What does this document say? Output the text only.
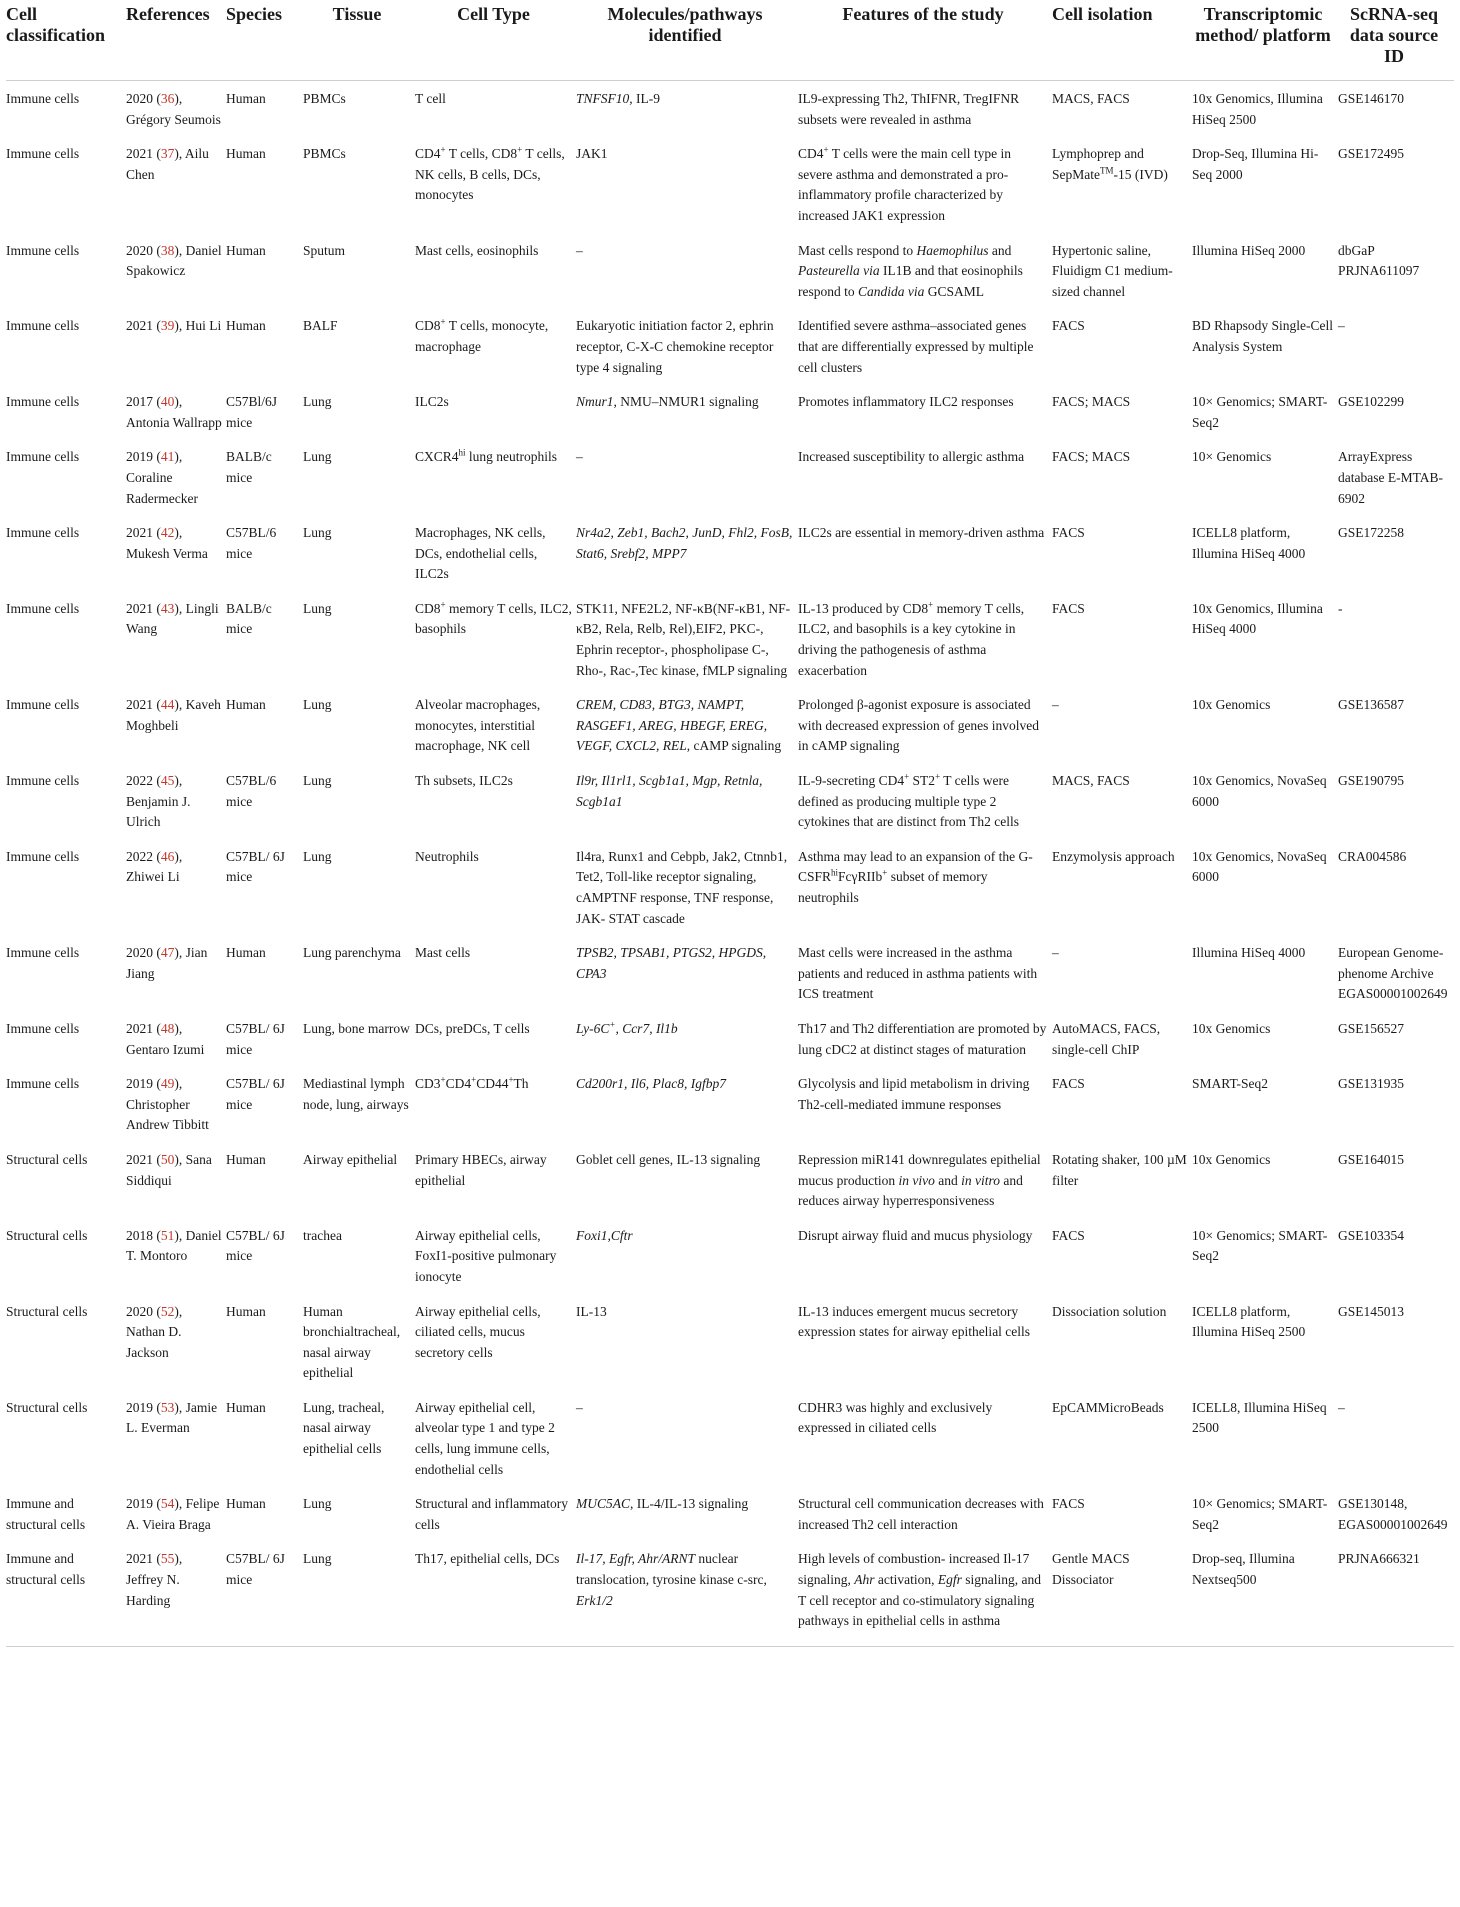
Cell classification	References	Species	Tissue	Cell Type	Molecules/pathways identified	Features of the study	Cell isolation	Transcriptomic method/ platform	ScRNA-seq data source ID
Immune cells	2020 (36), Grégory Seumois	Human	PBMCs	T cell	TNFSF10, IL-9	IL9-expressing Th2, ThIFNR, TregIFNR subsets were revealed in asthma	MACS, FACS	10x Genomics, Illumina HiSeq 2500	GSE146170
Immune cells	2021 (37), Ailu Chen	Human	PBMCs	CD4+ T cells, CD8+ T cells, NK cells, B cells, DCs, monocytes	JAK1	CD4+ T cells were the main cell type in severe asthma and demonstrated a pro-inflammatory profile characterized by increased JAK1 expression	Lymphoprep and SepMate™-15 (IVD)	Drop-Seq, Illumina Hi-Seq 2000	GSE172495
Immune cells	2020 (38), Daniel Spakowicz	Human	Sputum	Mast cells, eosinophils	–	Mast cells respond to Haemophilus and Pasteurella via IL1B and that eosinophils respond to Candida via GCSAML	Hypertonic saline, Fluidigm C1 medium-sized channel	Illumina HiSeq 2000	dbGaP PRJNA611097
Immune cells	2021 (39), Hui Li	Human	BALF	CD8+ T cells, monocyte, macrophage	Eukaryotic initiation factor 2, ephrin receptor, C-X-C chemokine receptor type 4 signaling	Identified severe asthma–associated genes that are differentially expressed by multiple cell clusters	FACS	BD Rhapsody Single-Cell Analysis System	–
Immune cells	2017 (40), Antonia Wallrapp	C57Bl/6J mice	Lung	ILC2s	Nmur1, NMU–NMUR1 signaling	Promotes inflammatory ILC2 responses	FACS; MACS	10× Genomics; SMART-Seq2	GSE102299
Immune cells	2019 (41), Coraline Radermecker	BALB/c mice	Lung	$CXCR4^{hi}$ lung neutrophils	–	Increased susceptibility to allergic asthma	FACS; MACS	10× Genomics	ArrayExpress database E-MTAB-6902
Immune cells	2021 (42), Mukesh Verma	C57BL/6 mice	Lung	Macrophages, NK cells, DCs, endothelial cells, ILC2s	Nr4a2, Zeb1, Bach2, JunD, Fhl2, FosB, Stat6, Srebf2, MPP7	ILC2s are essential in memory-driven asthma	FACS	ICELL8 platform, Illumina HiSeq 4000	GSE172258
Immune cells	2021 (43), Lingli Wang	BALB/c mice	Lung	CD8+ memory T cells, ILC2, basophils	STK11, NFE2L2, NF-κB(NF-κB1, NF-κB2, Rela, Relb, Rel),EIF2, PKC-, Ephrin receptor-, phospholipase C-, Rho-, Rac-,Tec kinase, fMLP signaling	IL-13 produced by CD8+ memory T cells, ILC2, and basophils is a key cytokine in driving the pathogenesis of asthma exacerbation	FACS	10x Genomics, Illumina HiSeq 4000	-
Immune cells	2021 (44), Kaveh Moghbeli	Human	Lung	Alveolar macrophages, monocytes, interstitial macrophage, NK cell	CREM, CD83, BTG3, NAMPT, RASGEF1, AREG, HBEGF, EREG, VEGF, CXCL2, REL, cAMP signaling	Prolonged β-agonist exposure is associated with decreased expression of genes involved in cAMP signaling	–	10x Genomics	GSE136587
Immune cells	2022 (45), Benjamin J. Ulrich	C57BL/6 mice	Lung	Th subsets, ILC2s	Il9r, Il1rl1, Scgb1a1, Mgp, Retnla, Scgb1a1	IL-9-secreting CD4+ ST2+ T cells were defined as producing multiple type 2 cytokines that are distinct from Th2 cells	MACS, FACS	10x Genomics, NovaSeq 6000	GSE190795
Immune cells	2022 (46), Zhiwei Li	C57BL/ 6J mice	Lung	Neutrophils	Il4ra, Runx1 and Cebpb, Jak2, Ctnnb1, Tet2, Toll-like receptor signaling, cAMPTNF response, TNF response, JAK- STAT cascade	Asthma may lead to an expansion of the $G-CSFR^{hi}Fc\gamma RIIb^+$ subset of memory neutrophils	Enzymolysis approach	10x Genomics, NovaSeq 6000	CRA004586
Immune cells	2020 (47), Jian Jiang	Human	Lung parenchyma	Mast cells	TPSB2, TPSAB1, PTGS2, HPGDS, CPA3	Mast cells were increased in the asthma patients and reduced in asthma patients with ICS treatment	–	Illumina HiSeq 4000	European Genome-phenome Archive EGAS00001002649
Immune cells	2021 (48), Gentaro Izumi	C57BL/ 6J mice	Lung, bone marrow	DCs, preDCs, T cells	Ly-6C+, Ccr7, Il1b	Th17 and Th2 differentiation are promoted by lung cDC2 at distinct stages of maturation	AutoMACS, FACS, single-cell ChIP	10x Genomics	GSE156527
Immune cells	2019 (49), Christopher Andrew Tibbitt	C57BL/ 6J mice	Mediastinal lymph node, lung, airways	CD3+CD4+CD44+Th	Cd200r1, Il6, Plac8, Igfbp7	Glycolysis and lipid metabolism in driving Th2-cell-mediated immune responses	FACS	SMART-Seq2	GSE131935
Structural cells	2021 (50), Sana Siddiqui	Human	Airway epithelial	Primary HBECs, airway epithelial	Goblet cell genes, IL-13 signaling	Repression miR141 downregulates epithelial mucus production in vivo and in vitro and reduces airway hyperresponsiveness	Rotating shaker, 100 µM filter	10x Genomics	GSE164015
Structural cells	2018 (51), Daniel T. Montoro	C57BL/ 6J mice	trachea	Airway epithelial cells, FoxI1-positive pulmonary ionocyte	Foxi1,Cftr	Disrupt airway fluid and mucus physiology	FACS	10× Genomics; SMART-Seq2	GSE103354
Structural cells	2020 (52), Nathan D. Jackson	Human	Human bronchialtracheal, nasal airway epithelial	Airway epithelial cells, ciliated cells, mucus secretory cells	IL-13	IL-13 induces emergent mucus secretory expression states for airway epithelial cells	Dissociation solution	ICELL8 platform, Illumina HiSeq 2500	GSE145013
Structural cells	2019 (53), Jamie L. Everman	Human	Lung, tracheal, nasal airway epithelial cells	Airway epithelial cell, alveolar type 1 and type 2 cells, lung immune cells, endothelial cells	–	CDHR3 was highly and exclusively expressed in ciliated cells	EpCAMMicroBeads	ICELL8, Illumina HiSeq 2500	–
Immune and structural cells	2019 (54), Felipe A. Vieira Braga	Human	Lung	Structural and inflammatory cells	MUC5AC, IL-4/IL-13 signaling	Structural cell communication decreases with increased Th2 cell interaction	FACS	10× Genomics; SMART-Seq2	GSE130148, EGAS00001002649
Immune and structural cells	2021 (55), Jeffrey N. Harding	C57BL/ 6J mice	Lung	Th17, epithelial cells, DCs	Il-17, Egfr, Ahr/ARNT nuclear translocation, tyrosine kinase c-src, Erk1/2	High levels of combustion- increased Il-17 signaling, Ahr activation, Egfr signaling, and T cell receptor and co-stimulatory signaling pathways in epithelial cells in asthma	Gentle MACS Dissociator	Drop-seq, Illumina Nextseq500	PRJNA666321
